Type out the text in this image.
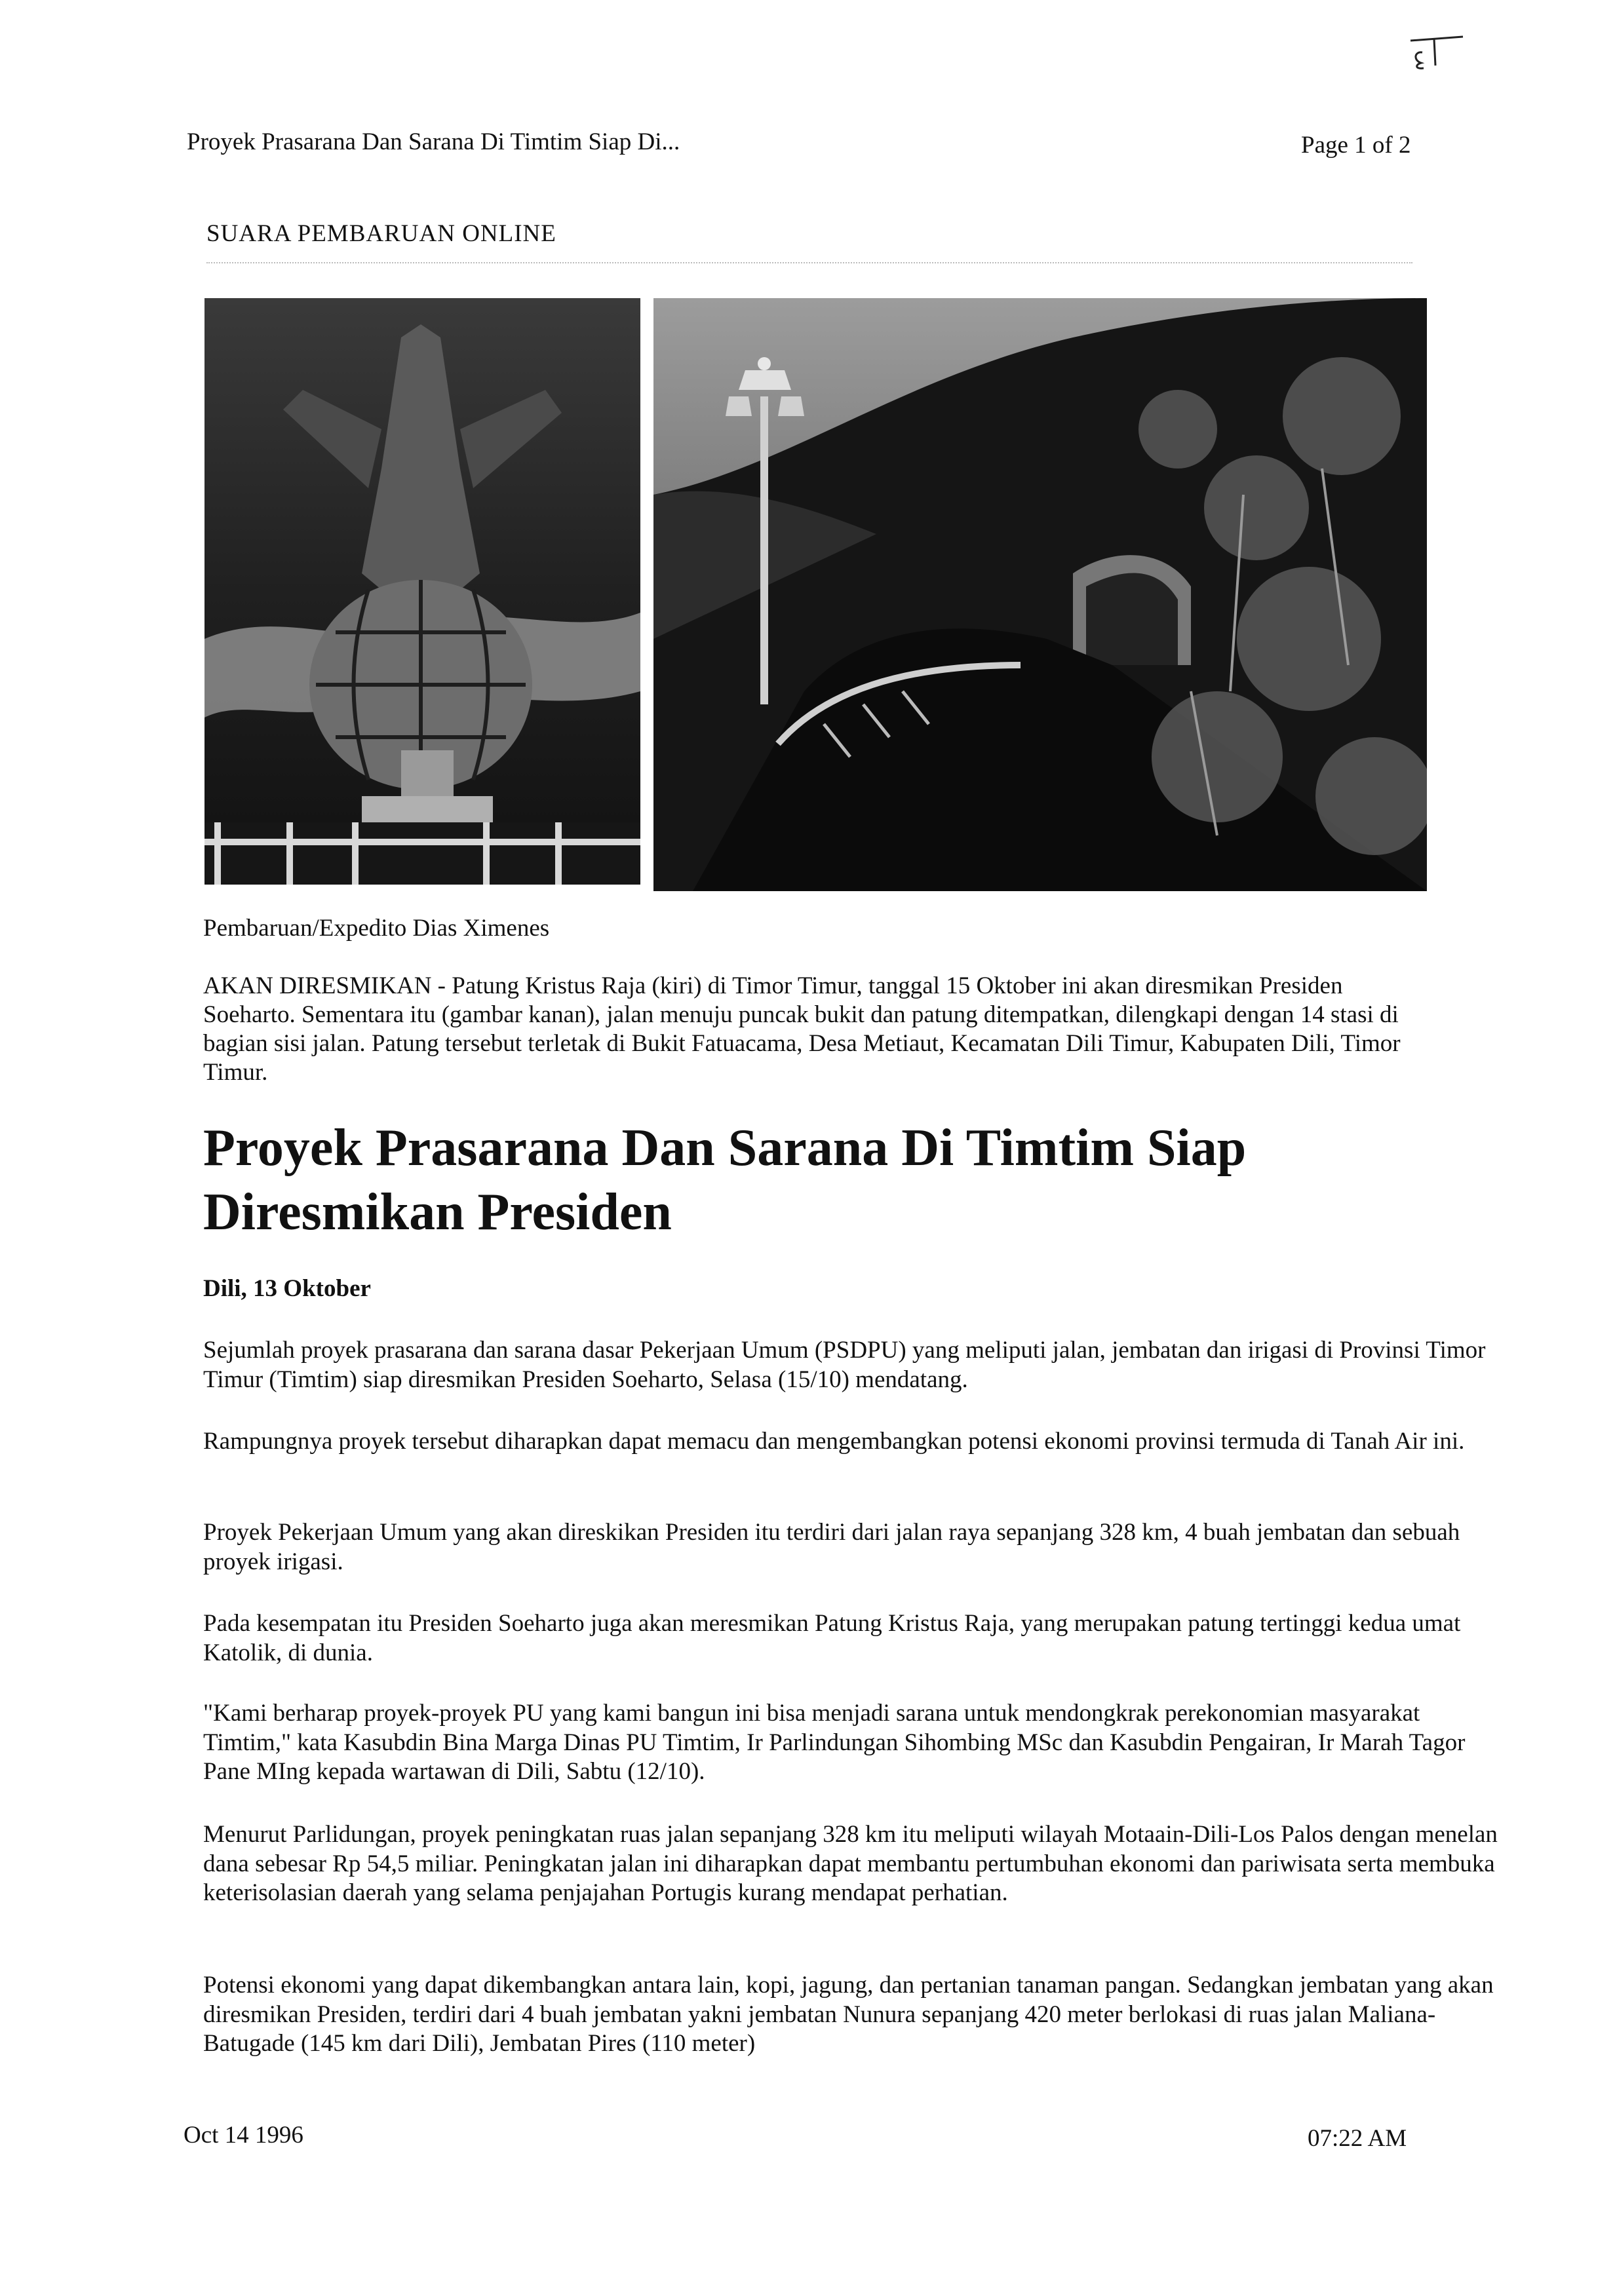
Proyek Prasarana Dan Sarana Di Timtim Siap Di...	Page 1 of 2
SUARA PEMBARUAN ONLINE
Pembaruan/Expedito Dias Ximenes
AKAN DIRESMIKAN - Patung Kristus Raja (kiri) di Timor Timur, tanggal 15 Oktober ini akan diresmikan Presiden Soeharto. Sementara itu (gambar kanan), jalan menuju puncak bukit dan patung ditempatkan, dilengkapi dengan 14 stasi di bagian sisi jalan. Patung tersebut terletak di Bukit Fatuacama, Desa Metiaut, Kecamatan Dili Timur, Kabupaten Dili, Timor Timur.
Proyek Prasarana Dan Sarana Di Timtim Siap Diresmikan Presiden
Dili, 13 Oktober
Sejumlah proyek prasarana dan sarana dasar Pekerjaan Umum (PSDPU) yang meliputi jalan, jembatan dan irigasi di Provinsi Timor Timur (Timtim) siap diresmikan Presiden Soeharto, Selasa (15/10) mendatang.
Rampungnya proyek tersebut diharapkan dapat memacu dan mengembangkan potensi ekonomi provinsi termuda di Tanah Air ini.
Proyek Pekerjaan Umum yang akan direskikan Presiden itu terdiri dari jalan raya sepanjang 328 km, 4 buah jembatan dan sebuah proyek irigasi.
Pada kesempatan itu Presiden Soeharto juga akan meresmikan Patung Kristus Raja, yang merupakan patung tertinggi kedua umat Katolik, di dunia.
"Kami berharap proyek-proyek PU yang kami bangun ini bisa menjadi sarana untuk mendongkrak perekonomian masyarakat Timtim," kata Kasubdin Bina Marga Dinas PU Timtim, Ir Parlindungan Sihombing MSc dan Kasubdin Pengairan, Ir Marah Tagor Pane MIng kepada wartawan di Dili, Sabtu (12/10).
Menurut Parlidungan, proyek peningkatan ruas jalan sepanjang 328 km itu meliputi wilayah Motaain-Dili-Los Palos dengan menelan dana sebesar Rp 54,5 miliar. Peningkatan jalan ini diharapkan dapat membantu pertumbuhan ekonomi dan pariwisata serta membuka keterisolasian daerah yang selama penjajahan Portugis kurang mendapat perhatian.
Potensi ekonomi yang dapat dikembangkan antara lain, kopi, jagung, dan pertanian tanaman pangan. Sedangkan jembatan yang akan diresmikan Presiden, terdiri dari 4 buah jembatan yakni jembatan Nunura sepanjang 420 meter berlokasi di ruas jalan Maliana-Batugade (145 km dari Dili), Jembatan Pires (110 meter)
Oct 14 1996	07:22 AM
